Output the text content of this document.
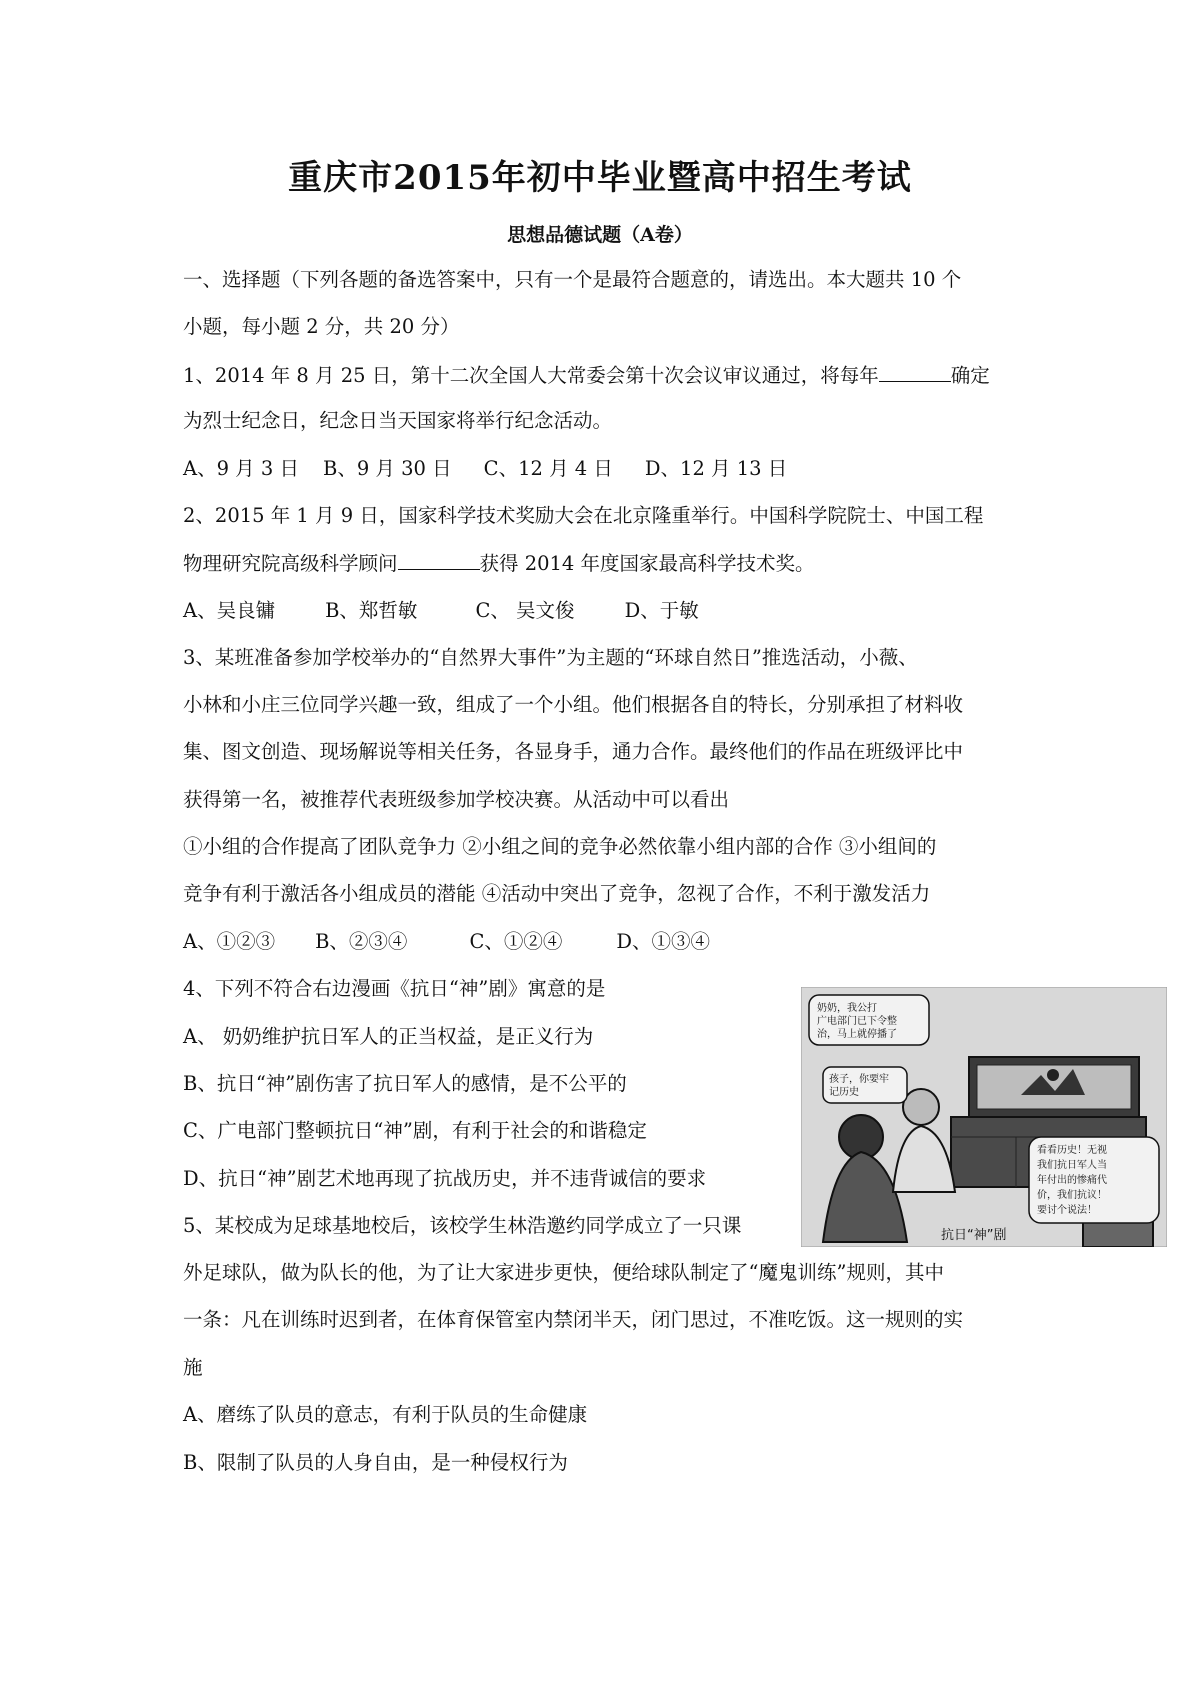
重庆市2015年初中毕业暨高中招生考试
思想品德试题（A卷）
一、选择题（下列各题的备选答案中，只有一个是最符合题意的，请选出。本大题共 10 个
小题，每小题 2 分，共 20 分）
1、2014 年 8 月 25 日，第十二次全国人大常委会第十次会议审议通过，将每年	确定
为烈士纪念日，纪念日当天国家将举行纪念活动。
A、9 月 3 日 B、9 月 30 日 C、12 月 4 日 D、12 月 13 日
2、2015 年 1 月 9 日，国家科学技术奖励大会在北京隆重举行。中国科学院院士、中国工程
物理研究院高级科学顾问	获得 2014 年度国家最高科学技术奖。
A、吴良镛	B、郑哲敏	C、 吴文俊	D、于敏
3、某班准备参加学校举办的“自然界大事件”为主题的“环球自然日”推选活动，小薇、
小林和小庄三位同学兴趣一致，组成了一个小组。他们根据各自的特长，分别承担了材料收
集、图文创造、现场解说等相关任务，各显身手，通力合作。最终他们的作品在班级评比中
获得第一名，被推荐代表班级参加学校决赛。从活动中可以看出
①小组的合作提高了团队竞争力 ②小组之间的竞争必然依靠小组内部的合作 ③小组间的
竞争有利于激活各小组成员的潜能 ④活动中突出了竞争，忽视了合作，不利于激发活力
A、①②③ B、②③④	C、①②④	D、①③④
4、下列不符合右边漫画《抗日“神”剧》寓意的是
A、 奶奶维护抗日军人的正当权益，是正义行为
B、抗日“神”剧伤害了抗日军人的感情，是不公平的
C、广电部门整顿抗日“神”剧，有利于社会的和谐稳定
D、抗日“神”剧艺术地再现了抗战历史，并不违背诚信的要求
奶奶，我公打
广电部门已下令整
治，马上就停播了
孩子，你要牢
记历史
看看历史！无视
我们抗日军人当
年付出的惨痛代
价，我们抗议！
要讨个说法！
抗日“神”剧
5、某校成为足球基地校后，该校学生林浩邀约同学成立了一只课
外足球队，做为队长的他，为了让大家进步更快，便给球队制定了“魔鬼训练”规则，其中
一条：凡在训练时迟到者，在体育保管室内禁闭半天，闭门思过，不准吃饭。这一规则的实
施
A、磨练了队员的意志，有利于队员的生命健康
B、限制了队员的人身自由，是一种侵权行为
